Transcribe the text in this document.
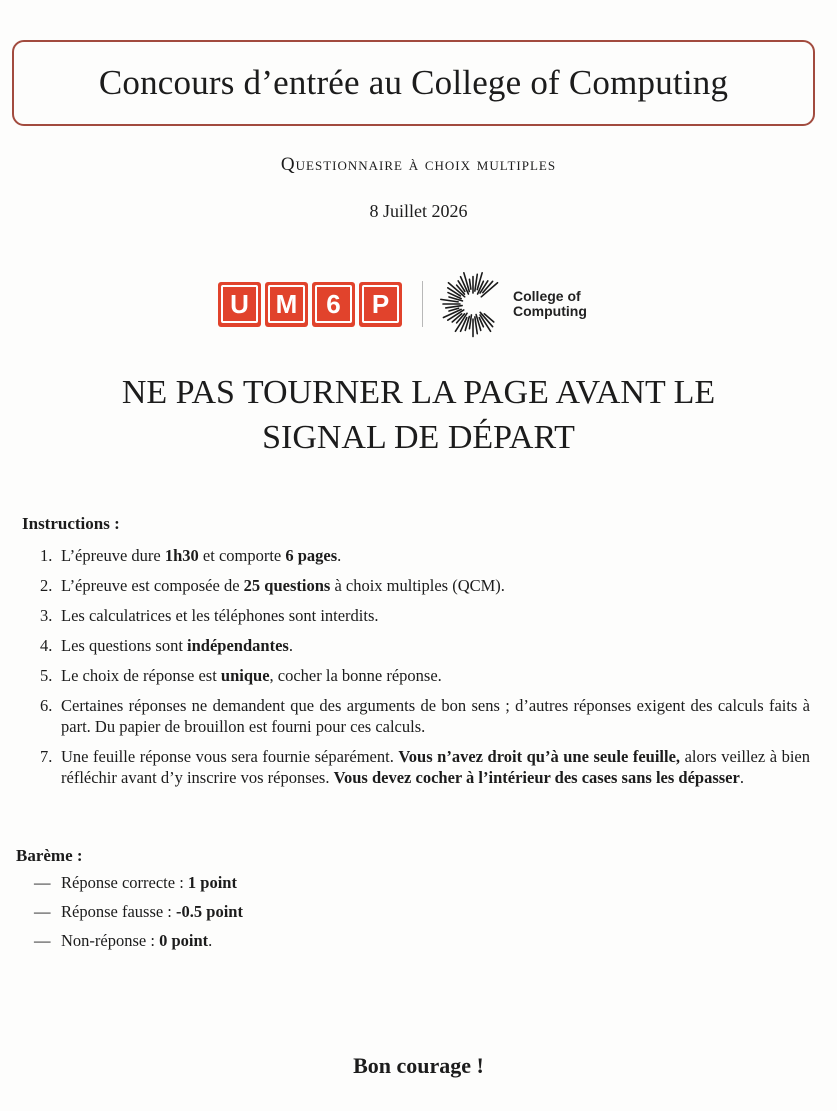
Concours d’entrée au College of Computing
Questionnaire à choix multiples
8 Juillet 2026
U	M	6	P	College of
Computing
NE PAS TOURNER LA PAGE AVANT LE
SIGNAL DE DÉPART
Instructions :
1. L’épreuve dure 1h30 et comporte 6 pages.
2. L’épreuve est composée de 25 questions à choix multiples (QCM).
3. Les calculatrices et les téléphones sont interdits.
4. Les questions sont indépendantes.
5. Le choix de réponse est unique, cocher la bonne réponse.
6. Certaines réponses ne demandent que des arguments de bon sens ; d’autres réponses exigent des calculs faits à part. Du papier de brouillon est fourni pour ces calculs.
7. Une feuille réponse vous sera fournie séparément. Vous n’avez droit qu’à une seule feuille, alors veillez à bien réfléchir avant d’y inscrire vos réponses. Vous devez cocher à l’intérieur des cases sans les dépasser.
Barème :
— Réponse correcte : 1 point
— Réponse fausse : -0.5 point
— Non-réponse : 0 point.
Bon courage !
